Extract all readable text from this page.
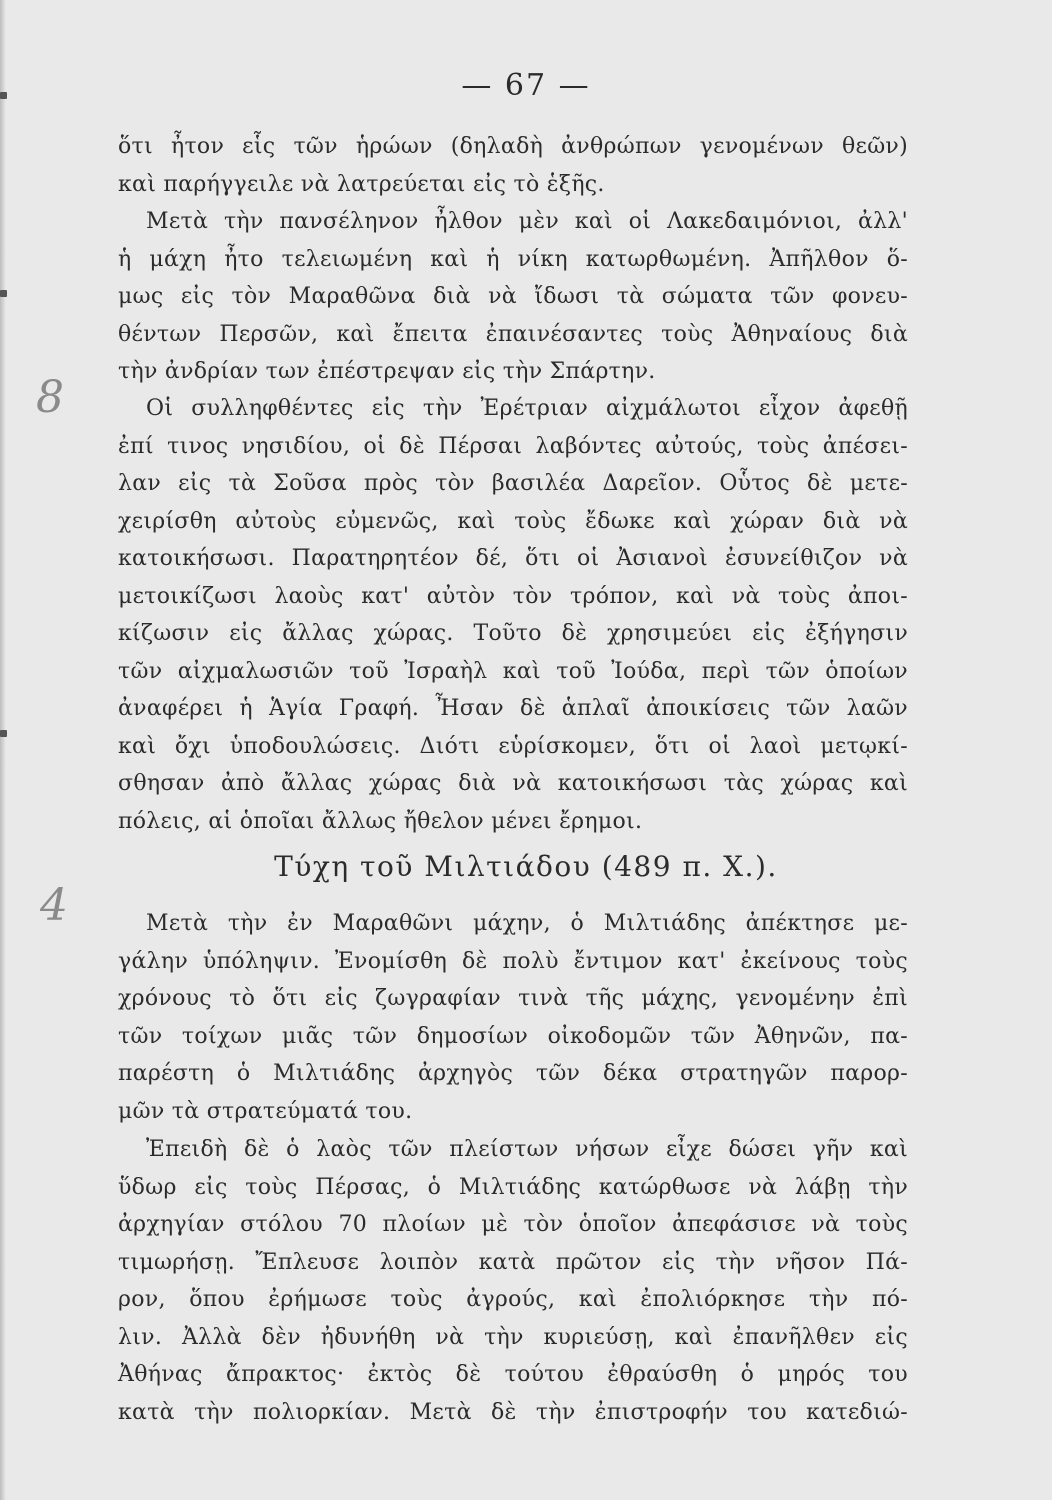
— 67 —
8
4
ὅτι ἦτον εἷς τῶν ἡρώων (δηλαδὴ ἀνθρώπων γενομένων θεῶν)
καὶ παρήγγειλε νὰ λατρεύεται εἰς τὸ ἑξῆς.
Μετὰ τὴν πανσέληνον ἦλθον μὲν καὶ οἱ Λακεδαιμόνιοι, ἀλλ'
ἡ μάχη ἦτο τελειωμένη καὶ ἡ νίκη κατωρθωμένη. Ἀπῆλθον ὅ-
μως εἰς τὸν Μαραθῶνα διὰ νὰ ἴδωσι τὰ σώματα τῶν φονευ-
θέντων Περσῶν, καὶ ἔπειτα ἐπαινέσαντες τοὺς Ἀθηναίους διὰ
τὴν ἀνδρίαν των ἐπέστρεψαν εἰς τὴν Σπάρτην.
Οἱ συλληφθέντες εἰς τὴν Ἐρέτριαν αἰχμάλωτοι εἶχον ἀφεθῇ
ἐπί τινος νησιδίου, οἱ δὲ Πέρσαι λαβόντες αὐτούς, τοὺς ἀπέσει-
λαν εἰς τὰ Σοῦσα πρὸς τὸν βασιλέα Δαρεῖον. Οὗτος δὲ μετε-
χειρίσθη αὐτοὺς εὐμενῶς, καὶ τοὺς ἔδωκε καὶ χώραν διὰ νὰ
κατοικήσωσι. Παρατηρητέον δέ, ὅτι οἱ Ἀσιανοὶ ἐσυνείθιζον νὰ
μετοικίζωσι λαοὺς κατ' αὐτὸν τὸν τρόπον, καὶ νὰ τοὺς ἀποι-
κίζωσιν εἰς ἄλλας χώρας. Τοῦτο δὲ χρησιμεύει εἰς ἐξήγησιν
τῶν αἰχμαλωσιῶν τοῦ Ἰσραὴλ καὶ τοῦ Ἰούδα, περὶ τῶν ὁποίων
ἀναφέρει ἡ Ἁγία Γραφή. Ἦσαν δὲ ἁπλαῖ ἀποικίσεις τῶν λαῶν
καὶ ὄχι ὑποδουλώσεις. Διότι εὑρίσκομεν, ὅτι οἱ λαοὶ μετῳκί-
σθησαν ἀπὸ ἄλλας χώρας διὰ νὰ κατοικήσωσι τὰς χώρας καὶ
πόλεις, αἱ ὁποῖαι ἄλλως ἤθελον μένει ἔρημοι.
Τύχη τοῦ Μιλτιάδου (489 π. Χ.).
Μετὰ τὴν ἐν Μαραθῶνι μάχην, ὁ Μιλτιάδης ἀπέκτησε με-
γάλην ὑπόληψιν. Ἐνομίσθη δὲ πολὺ ἔντιμον κατ' ἐκείνους τοὺς
χρόνους τὸ ὅτι εἰς ζωγραφίαν τινὰ τῆς μάχης, γενομένην ἐπὶ
τῶν τοίχων μιᾶς τῶν δημοσίων οἰκοδομῶν τῶν Ἀθηνῶν, πα-
παρέστη ὁ Μιλτιάδης ἀρχηγὸς τῶν δέκα στρατηγῶν παρορ-
μῶν τὰ στρατεύματά του.
Ἐπειδὴ δὲ ὁ λαὸς τῶν πλείστων νήσων εἶχε δώσει γῆν καὶ
ὕδωρ εἰς τοὺς Πέρσας, ὁ Μιλτιάδης κατώρθωσε νὰ λάβῃ τὴν
ἀρχηγίαν στόλου 70 πλοίων μὲ τὸν ὁποῖον ἀπεφάσισε νὰ τοὺς
τιμωρήσῃ. Ἔπλευσε λοιπὸν κατὰ πρῶτον εἰς τὴν νῆσον Πά-
ρον, ὅπου ἐρήμωσε τοὺς ἀγρούς, καὶ ἐπολιόρκησε τὴν πό-
λιν. Ἀλλὰ δὲν ἠδυνήθη νὰ τὴν κυριεύσῃ, καὶ ἐπανῆλθεν εἰς
Ἀθήνας ἄπρακτος· ἐκτὸς δὲ τούτου ἐθραύσθη ὁ μηρός του
κατὰ τὴν πολιορκίαν. Μετὰ δὲ τὴν ἐπιστροφήν του κατεδιώ-
